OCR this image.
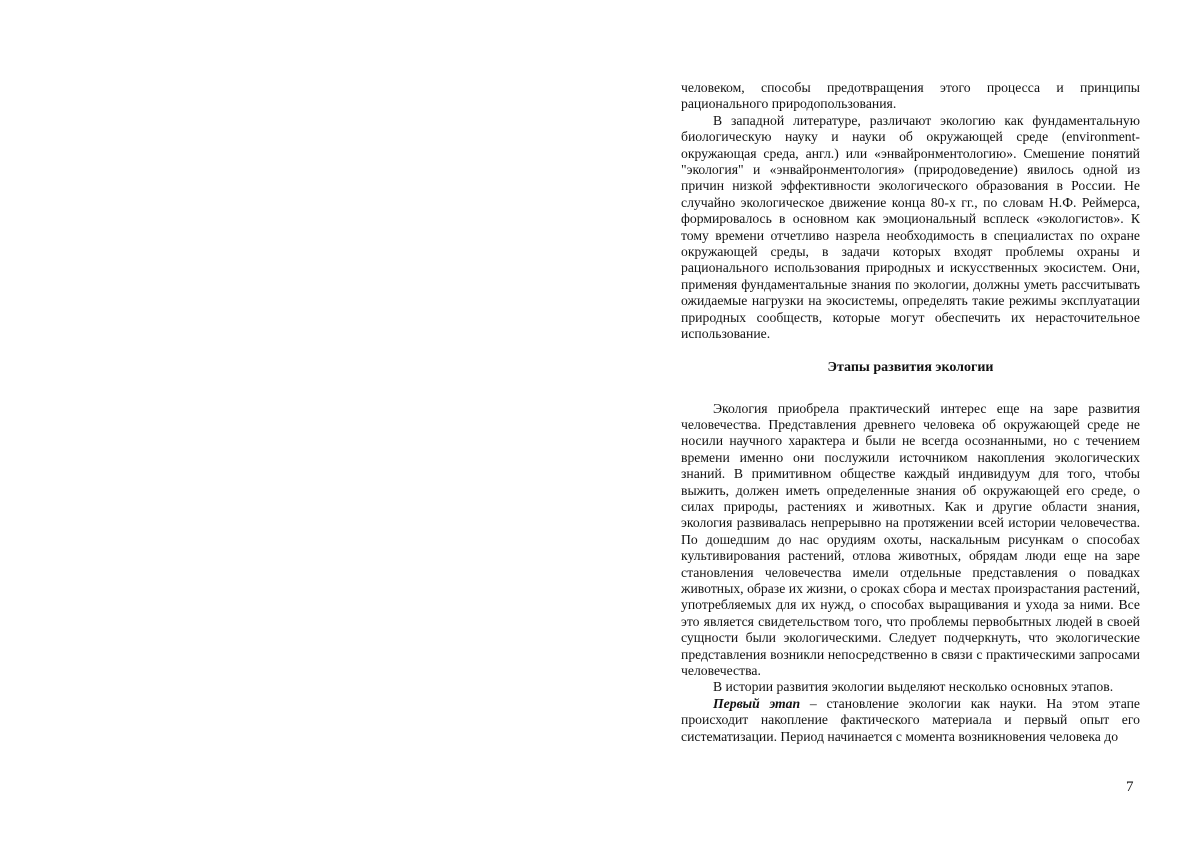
человеком, способы предотвращения этого процесса и принципы рационального природопользования.

В западной литературе, различают экологию как фундаментальную биологическую науку и науки об окружающей среде (environment-окружающая среда, англ.) или «энвайронментологию». Смешение понятий "экология" и «энвайронментология» (природоведение) явилось одной из причин низкой эффективности экологического образования в России. Не случайно экологическое движение конца 80-х гг., по словам Н.Ф. Реймерса, формировалось в основном как эмоциональный всплеск «экологистов». К тому времени отчетливо назрела необходимость в специалистах по охране окружающей среды, в задачи которых входят проблемы охраны и рационального использования природных и искусственных экосистем. Они, применяя фундаментальные знания по экологии, должны уметь рассчитывать ожидаемые нагрузки на экосистемы, определять такие режимы эксплуатации природных сообществ, которые могут обеспечить их нерасточительное использование.

Этапы развития экологии

Экология приобрела практический интерес еще на заре развития человечества. Представления древнего человека об окружающей среде не носили научного характера и были не всегда осознанными, но с течением времени именно они послужили источником накопления экологических знаний. В примитивном обществе каждый индивидуум для того, чтобы выжить, должен иметь определенные знания об окружающей его среде, о силах природы, растениях и животных. Как и другие области знания, экология развивалась непрерывно на протяжении всей истории человечества. По дошедшим до нас орудиям охоты, наскальным рисункам о способах культивирования растений, отлова животных, обрядам люди еще на заре становления человечества имели отдельные представления о повадках животных, образе их жизни, о сроках сбора и местах произрастания растений, употребляемых для их нужд, о способах выращивания и ухода за ними. Все это является свидетельством того, что проблемы первобытных людей в своей сущности были экологическими. Следует подчеркнуть, что экологические представления возникли непосредственно в связи с практическими запросами человечества.

В истории развития экологии выделяют несколько основных этапов.

Первый этап – становление экологии как науки. На этом этапе происходит накопление фактического материала и первый опыт его систематизации. Период начинается с момента возникновения человека до

7
